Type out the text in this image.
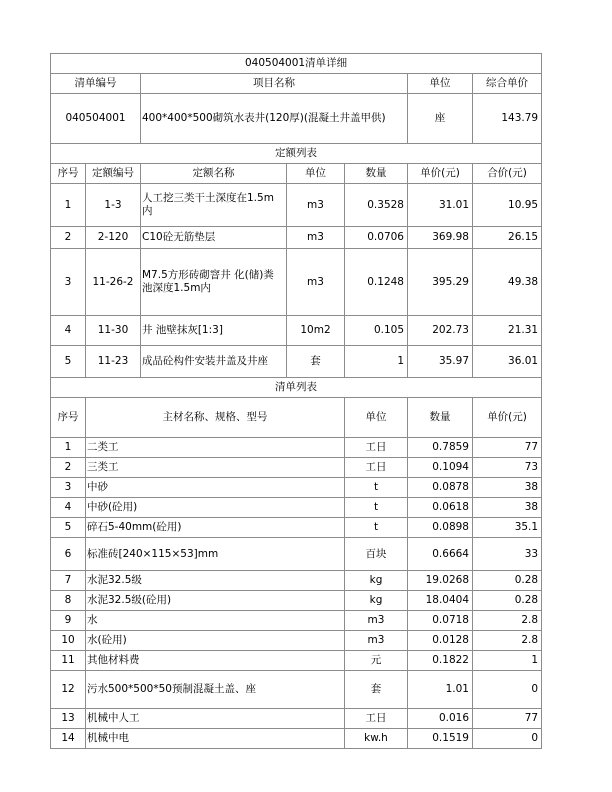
040504001清单详细							
清单编号		项目名称			单位	综合单价	
040504001		400*400*500砌筑水表井(120厚)(混凝土井盖甲供)			座	143.79	
定额列表							
序号	定额编号	定额名称	单位	数量	单价(元)	合价(元)	
1	1-3	人工挖三类干土深度在1.5m内	m3	0.3528	31.01	10.95	
2	2-120	C10砼无筋垫层	m3	0.0706	369.98	26.15	
3	11-26-2	M7.5方形砖砌窨井 化(储)粪池深度1.5m内	m3	0.1248	395.29	49.38	
4	11-30	井 池壁抹灰[1:3]	10m2	0.105	202.73	21.31	
5	11-23	成品砼构件安装井盖及井座	套	1	35.97	36.01	
清单列表							
序号	主材名称、规格、型号			单位	数量	单价(元)	
1	二类工			工日	0.7859	77	
2	三类工			工日	0.1094	73	
3	中砂			t	0.0878	38	
4	中砂(砼用)			t	0.0618	38	
5	碎石5-40mm(砼用)			t	0.0898	35.1	
6	标准砖[240×115×53]mm			百块	0.6664	33	
7	水泥32.5级			kg	19.0268	0.28	
8	水泥32.5级(砼用)			kg	18.0404	0.28	
9	水			m3	0.0718	2.8	
10	水(砼用)			m3	0.0128	2.8	
11	其他材料费			元	0.1822	1	
12	污水500*500*50预制混凝土盖、座			套	1.01	0	
13	机械中人工			工日	0.016	77	
14	机械中电			kw.h	0.1519	0	
